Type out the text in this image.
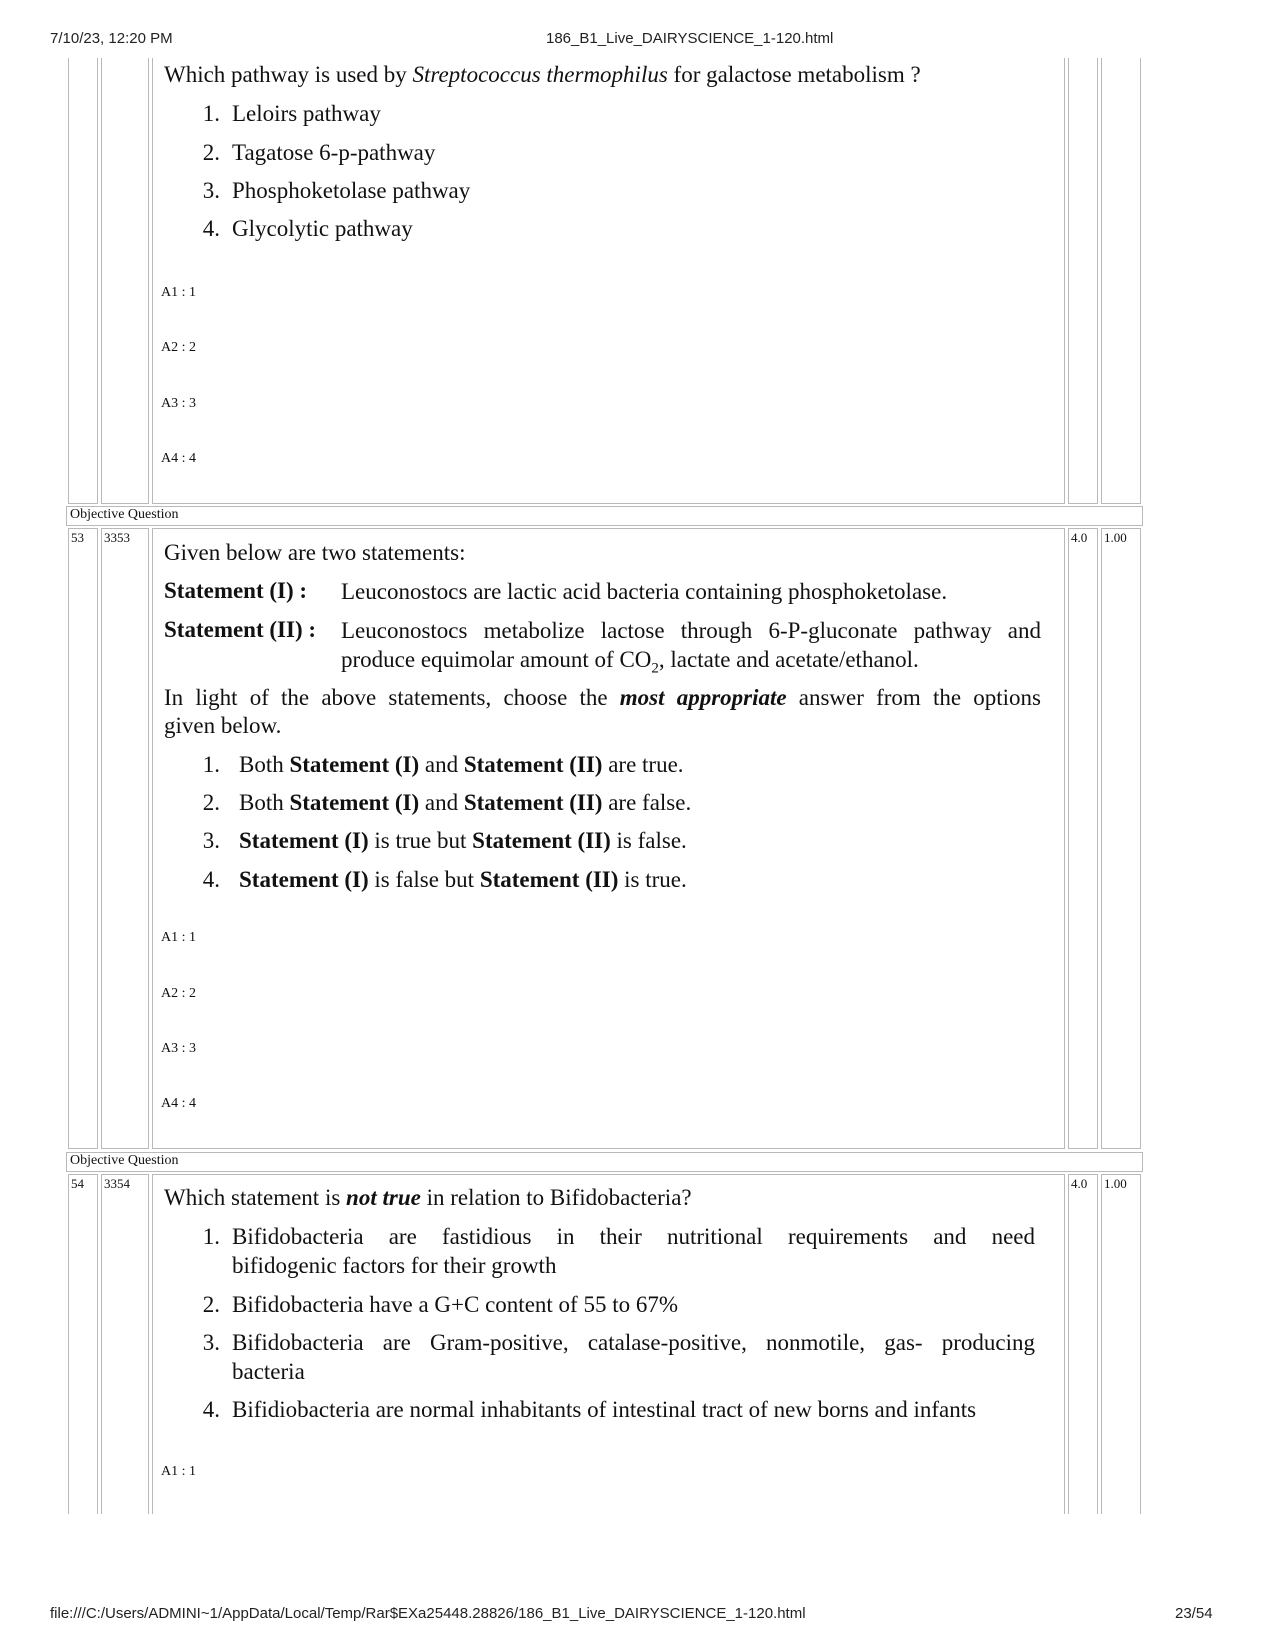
7/10/23, 12:20 PM	186_B1_Live_DAIRYSCIENCE_1-120.html
Which pathway is used by Streptococcus thermophilus for galactose metabolism ?
1. Leloirs pathway
2. Tagatose 6-p-pathway
3. Phosphoketolase pathway
4. Glycolytic pathway
A1 : 1
A2 : 2
A3 : 3
A4 : 4
Objective Question
53 3353	4.0 1.00
Given below are two statements:
Statement (I) : Leuconostocs are lactic acid bacteria containing phosphoketolase.
Statement (II) : Leuconostocs metabolize lactose through 6-P-gluconate pathway and
produce equimolar amount of $CO_2$, lactate and acetate/ethanol.
In light of the above statements, choose the most appropriate answer from the options
given below.
1. Both Statement (I) and Statement (II) are true.
2. Both Statement (I) and Statement (II) are false.
3. Statement (I) is true but Statement (II) is false.
4. Statement (I) is false but Statement (II) is true.
A1 : 1
A2 : 2
A3 : 3
A4 : 4
Objective Question
54 3354	4.0 1.00
Which statement is not true in relation to Bifidobacteria?
1. Bifidobacteria are fastidious in their nutritional requirements and need
bifidogenic factors for their growth
2. Bifidobacteria have a G+C content of 55 to 67%
3. Bifidobacteria are Gram-positive, catalase-positive, nonmotile, gas- producing
bacteria
4. Bifidiobacteria are normal inhabitants of intestinal tract of new borns and infants
A1 : 1
file:///C:/Users/ADMINI~1/AppData/Local/Temp/Rar$EXa25448.28826/186_B1_Live_DAIRYSCIENCE_1-120.html	23/54
